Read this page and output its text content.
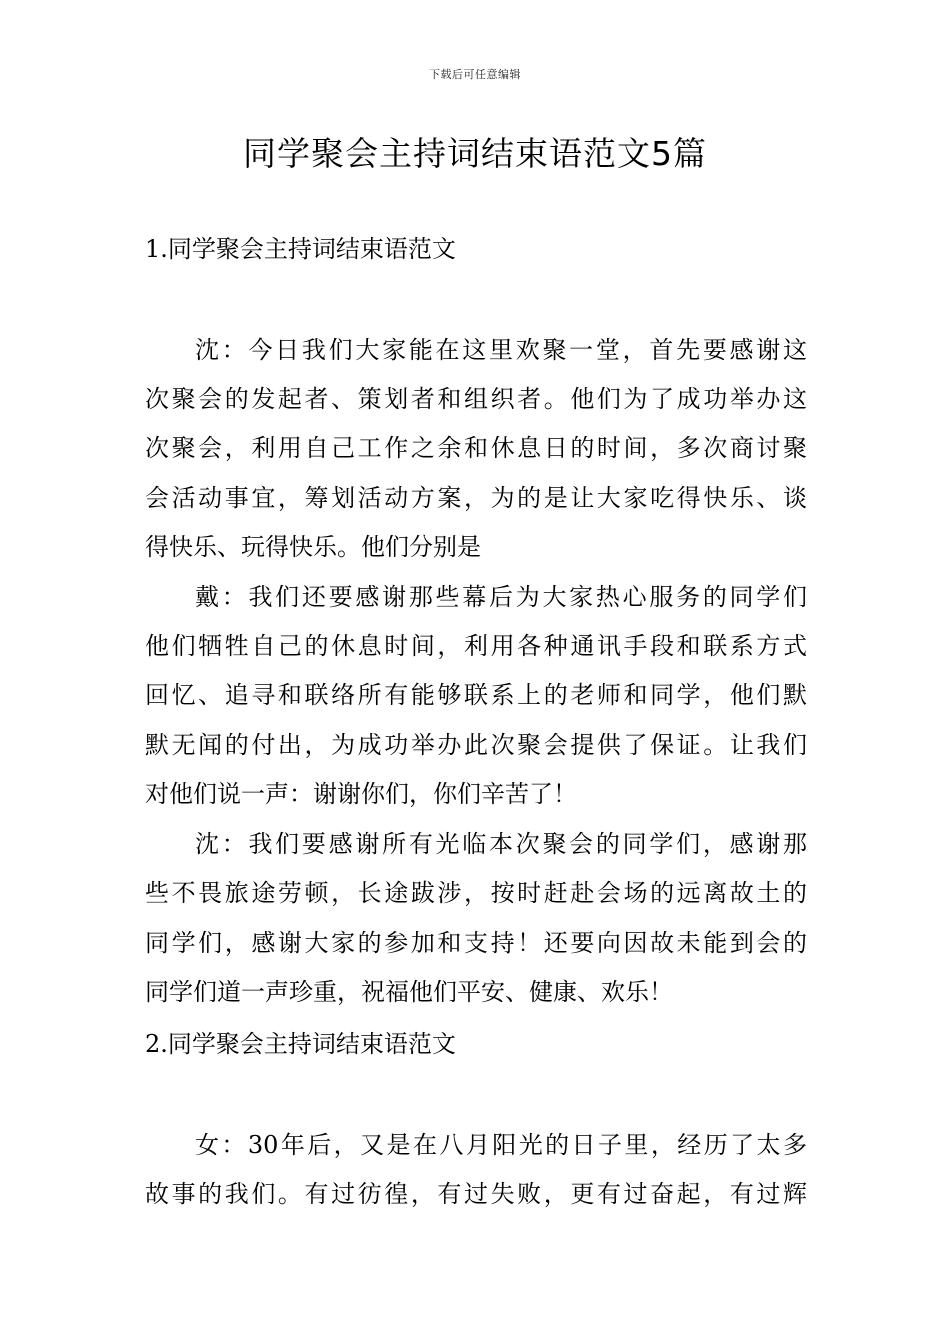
下载后可任意编辑
同学聚会主持词结束语范文5篇
1.同学聚会主持词结束语范文
沈：今日我们大家能在这里欢聚一堂，首先要感谢这
次聚会的发起者、策划者和组织者。他们为了成功举办这
次聚会，利用自己工作之余和休息日的时间，多次商讨聚
会活动事宜，筹划活动方案，为的是让大家吃得快乐、谈
得快乐、玩得快乐。他们分别是
戴：我们还要感谢那些幕后为大家热心服务的同学们
他们牺牲自己的休息时间，利用各种通讯手段和联系方式
回忆、追寻和联络所有能够联系上的老师和同学，他们默
默无闻的付出，为成功举办此次聚会提供了保证。让我们
对他们说一声：谢谢你们，你们辛苦了！
沈：我们要感谢所有光临本次聚会的同学们，感谢那
些不畏旅途劳顿，长途跋涉，按时赶赴会场的远离故土的
同学们，感谢大家的参加和支持！还要向因故未能到会的
同学们道一声珍重，祝福他们平安、健康、欢乐！
2.同学聚会主持词结束语范文
女：30年后，又是在八月阳光的日子里，经历了太多
故事的我们。有过彷徨，有过失败，更有过奋起，有过辉
